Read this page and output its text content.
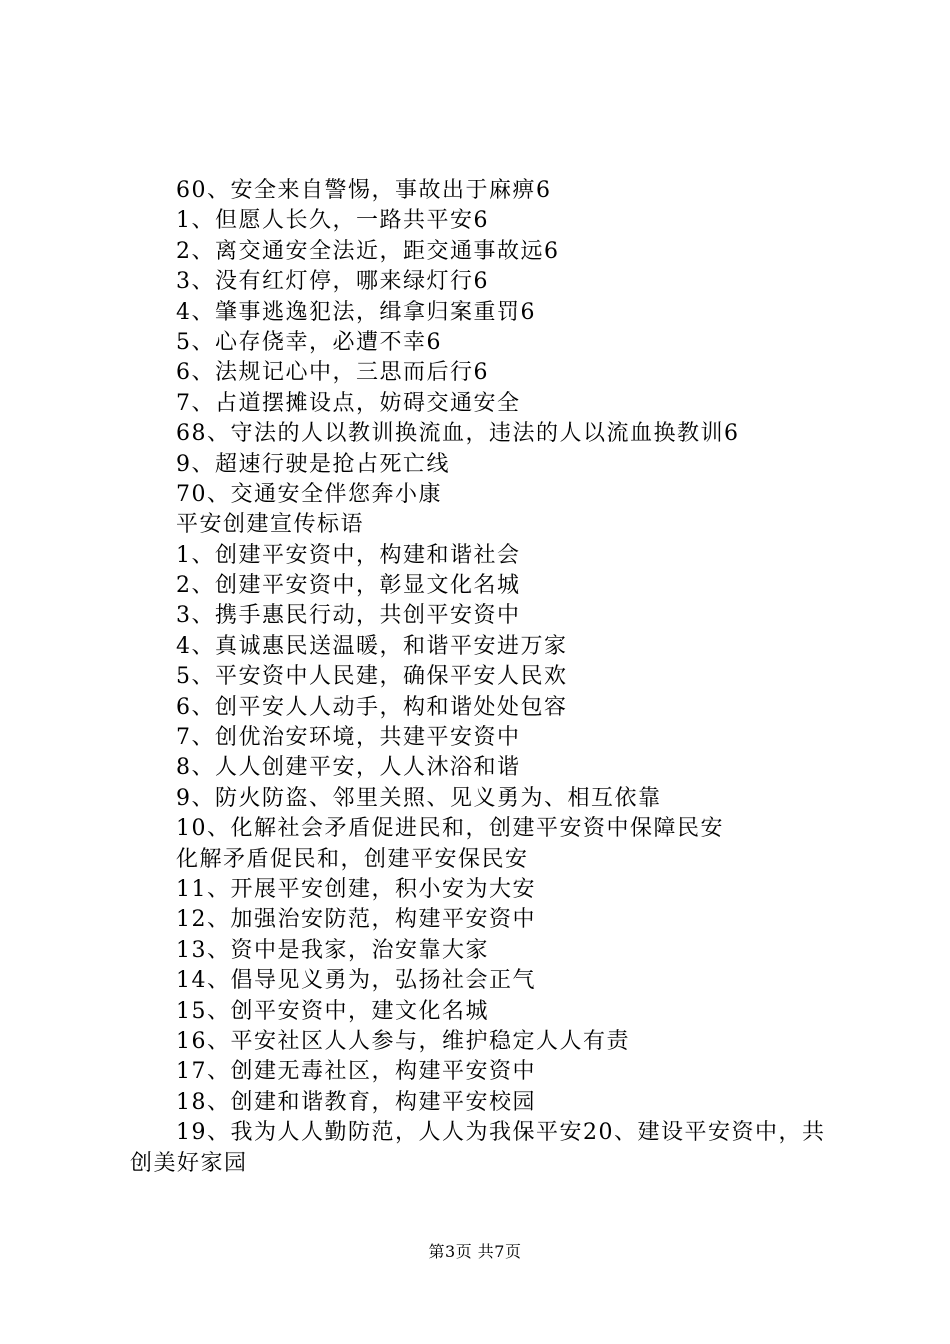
60、安全来自警惕，事故出于麻痹6
1、但愿人长久，一路共平安6
2、离交通安全法近，距交通事故远6
3、没有红灯停，哪来绿灯行6
4、肇事逃逸犯法，缉拿归案重罚6
5、心存侥幸，必遭不幸6
6、法规记心中，三思而后行6
7、占道摆摊设点，妨碍交通安全
68、守法的人以教训换流血，违法的人以流血换教训6
9、超速行驶是抢占死亡线
70、交通安全伴您奔小康
平安创建宣传标语
1、创建平安资中，构建和谐社会
2、创建平安资中，彰显文化名城
3、携手惠民行动，共创平安资中
4、真诚惠民送温暖，和谐平安进万家
5、平安资中人民建，确保平安人民欢
6、创平安人人动手，构和谐处处包容
7、创优治安环境，共建平安资中
8、人人创建平安，人人沐浴和谐
9、防火防盗、邻里关照、见义勇为、相互依靠
10、化解社会矛盾促进民和，创建平安资中保障民安
化解矛盾促民和，创建平安保民安
11、开展平安创建，积小安为大安
12、加强治安防范，构建平安资中
13、资中是我家，治安靠大家
14、倡导见义勇为，弘扬社会正气
15、创平安资中，建文化名城
16、平安社区人人参与，维护稳定人人有责
17、创建无毒社区，构建平安资中
18、创建和谐教育，构建平安校园
19、我为人人勤防范，人人为我保平安20、建设平安资中，共创美好家园
第3页 共7页
